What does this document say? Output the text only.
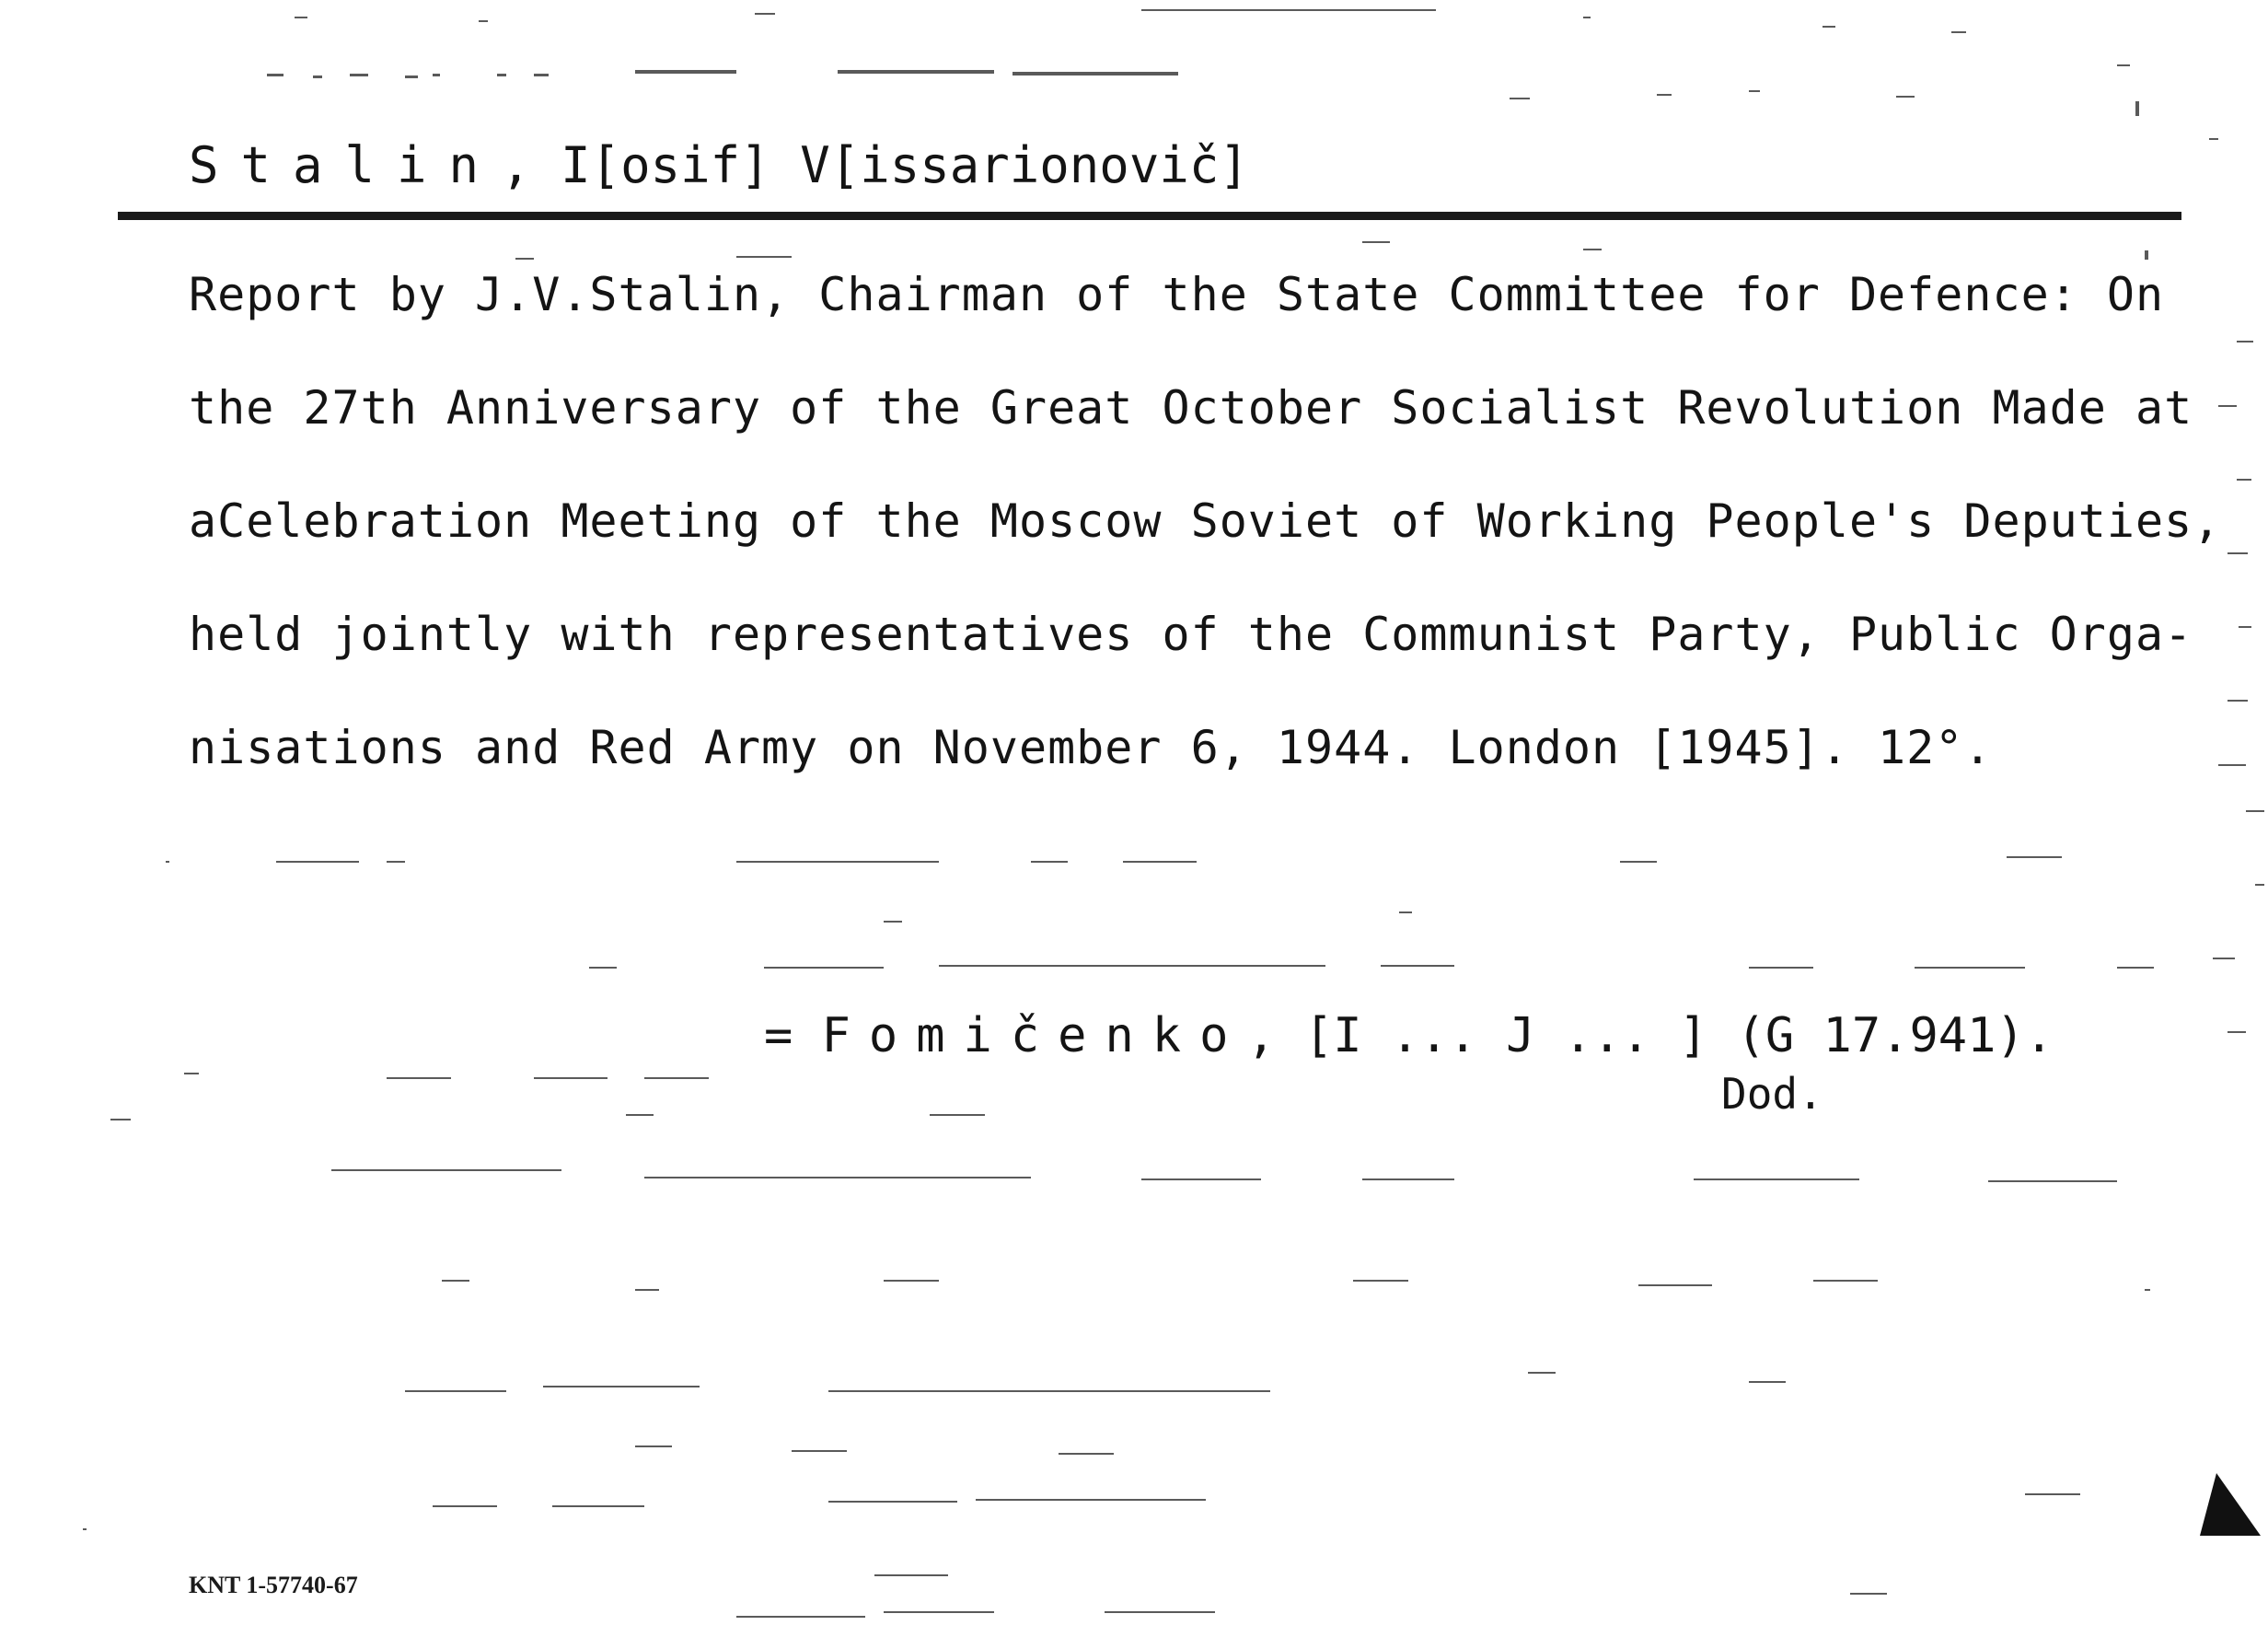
Stalin, I[osif] V[issarionovič]
Report by J.V.Stalin, Chairman of the State Committee for Defence: On
the 27th Anniversary of the Great October Socialist Revolution Made at
aCelebration Meeting of the Moscow Soviet of Working People's Deputies,
held jointly with representatives of the Communist Party, Public Orga-
nisations and Red Army on November 6, 1944. London [1945]. 12°.
= Fomičenko, [I ... J ... ] (G 17.941).
Dod.
KNT 1-57740-67
